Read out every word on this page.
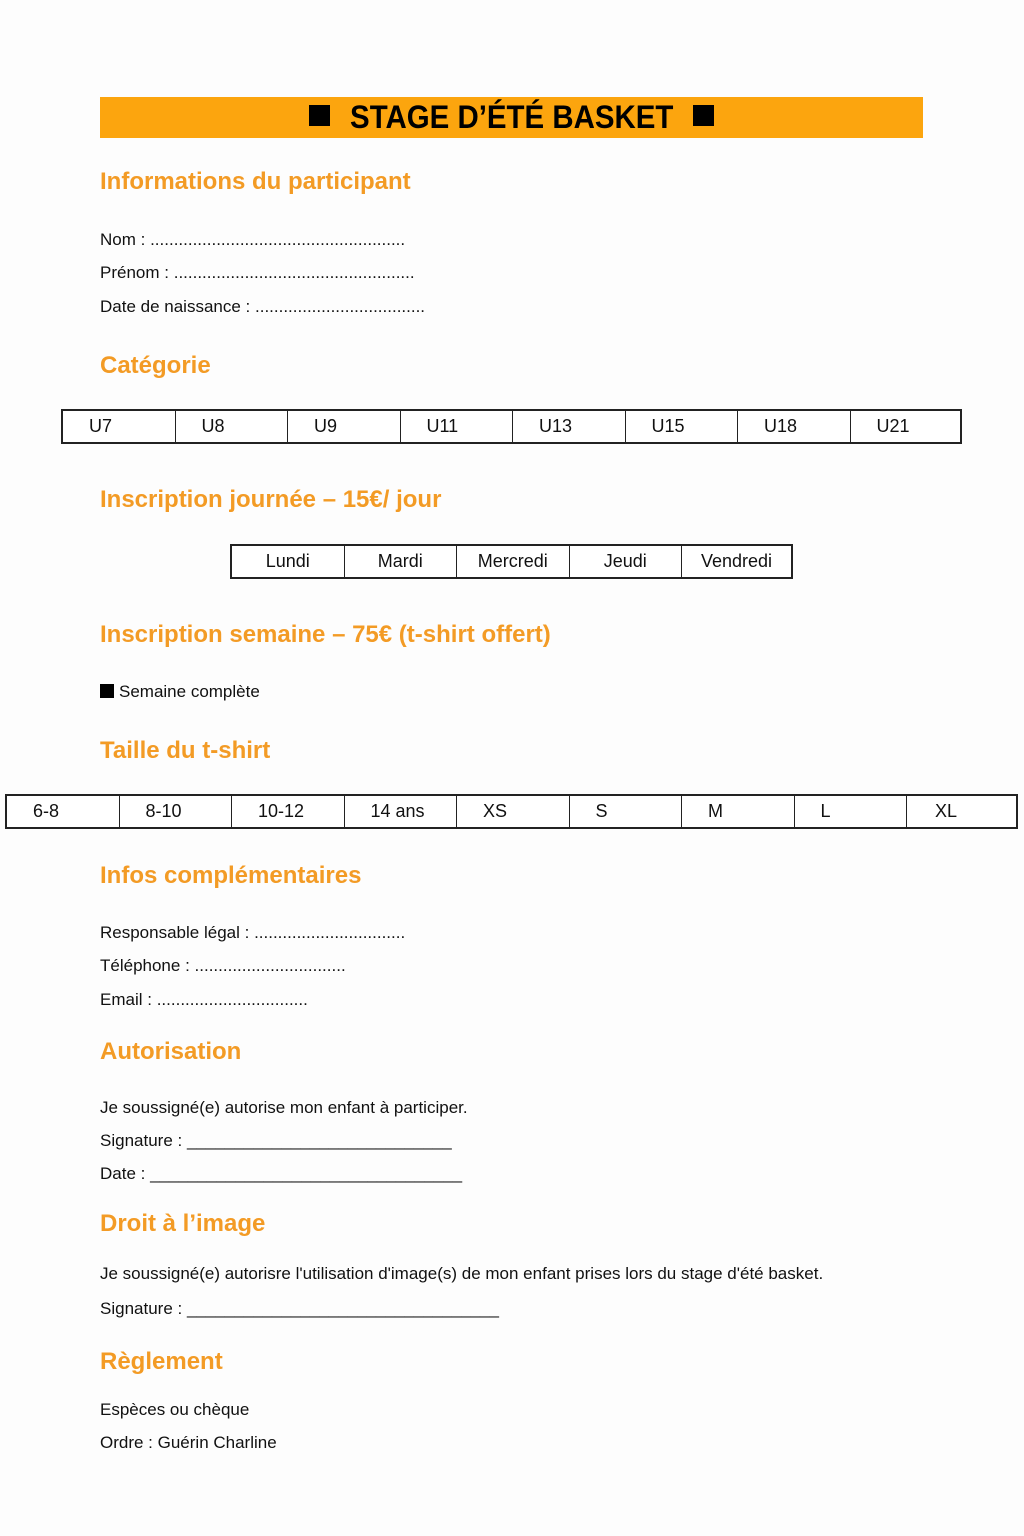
STAGE D’ÉTÉ BASKET
Informations du participant
Nom : ......................................................
Prénom : ...................................................
Date de naissance : ....................................
Catégorie
U7	U8	U9	U11	U13	U15	U18	U21
Inscription journée – 15€/ jour
Lundi	Mardi	Mercredi	Jeudi	Vendredi
Inscription semaine – 75€ (t-shirt offert)
Semaine complète
Taille du t-shirt
6-8	8-10	10-12	14 ans	XS	S	M	L	XL
Infos complémentaires
Responsable légal : ................................
Téléphone : ................................
Email : ................................
Autorisation
Je soussigné(e) autorise mon enfant à participer.
Signature : ____________________________
Date : _________________________________
Droit à l’image
Je soussigné(e) autorisre l'utilisation d'image(s) de mon enfant prises lors du stage d'été basket.
Signature : _________________________________
Règlement
Espèces ou chèque
Ordre : Guérin Charline
